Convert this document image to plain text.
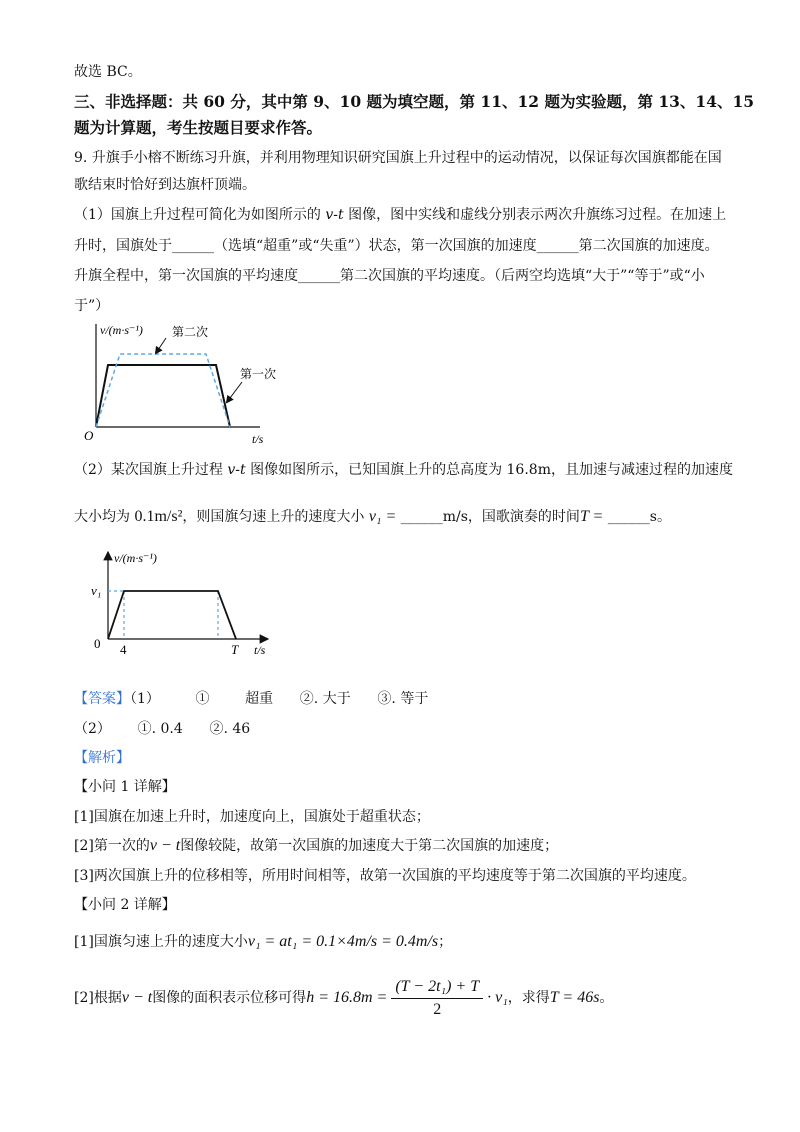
故选 BC。
三、非选择题：共 60 分，其中第 9、10 题为填空题，第 11、12 题为实验题，第 13、14、15
题为计算题，考生按题目要求作答。
9. 升旗手小榕不断练习升旗，并利用物理知识研究国旗上升过程中的运动情况，以保证每次国旗都能在国
歌结束时恰好到达旗杆顶端。
（1）国旗上升过程可简化为如图所示的 v-t 图像，图中实线和虚线分别表示两次升旗练习过程。在加速上
升时，国旗处于______（选填“超重”或“失重”）状态，第一次国旗的加速度______第二次国旗的加速度。
升旗全程中，第一次国旗的平均速度______第二次国旗的平均速度。（后两空均选填“大于”“等于”或“小
于”）
v/(m·s⁻¹) 第二次
第一次
O	t/s
（2）某次国旗上升过程 v-t 图像如图所示，已知国旗上升的总高度为 16.8m，且加速与减速过程的加速度
大小均为 0.1m/s²，则国旗匀速上升的速度大小 v₁ = ______m/s，国歌演奏的时间T = ______s。
v/(m·s⁻¹)
v₁
0 4	T t/s
【答案】（1）        ①        超重      ②. 大于      ③. 等于
（2）      ①. 0.4      ②. 46
【解析】
【小问 1 详解】
[1]国旗在加速上升时，加速度向上，国旗处于超重状态；
[2]第一次的v − t图像较陡，故第一次国旗的加速度大于第二次国旗的加速度；
[3]两次国旗上升的位移相等，所用时间相等，故第一次国旗的平均速度等于第二次国旗的平均速度。
【小问 2 详解】
[1]国旗匀速上升的速度大小v₁ = at₁ = 0.1×4m/s = 0.4m/s；
[2]根据v − t图像的面积表示位移可得$h = 16.8m = \frac{\text{(T − 2t₁) + T}}{2} \cdot v_1$，求得T = 46s。
